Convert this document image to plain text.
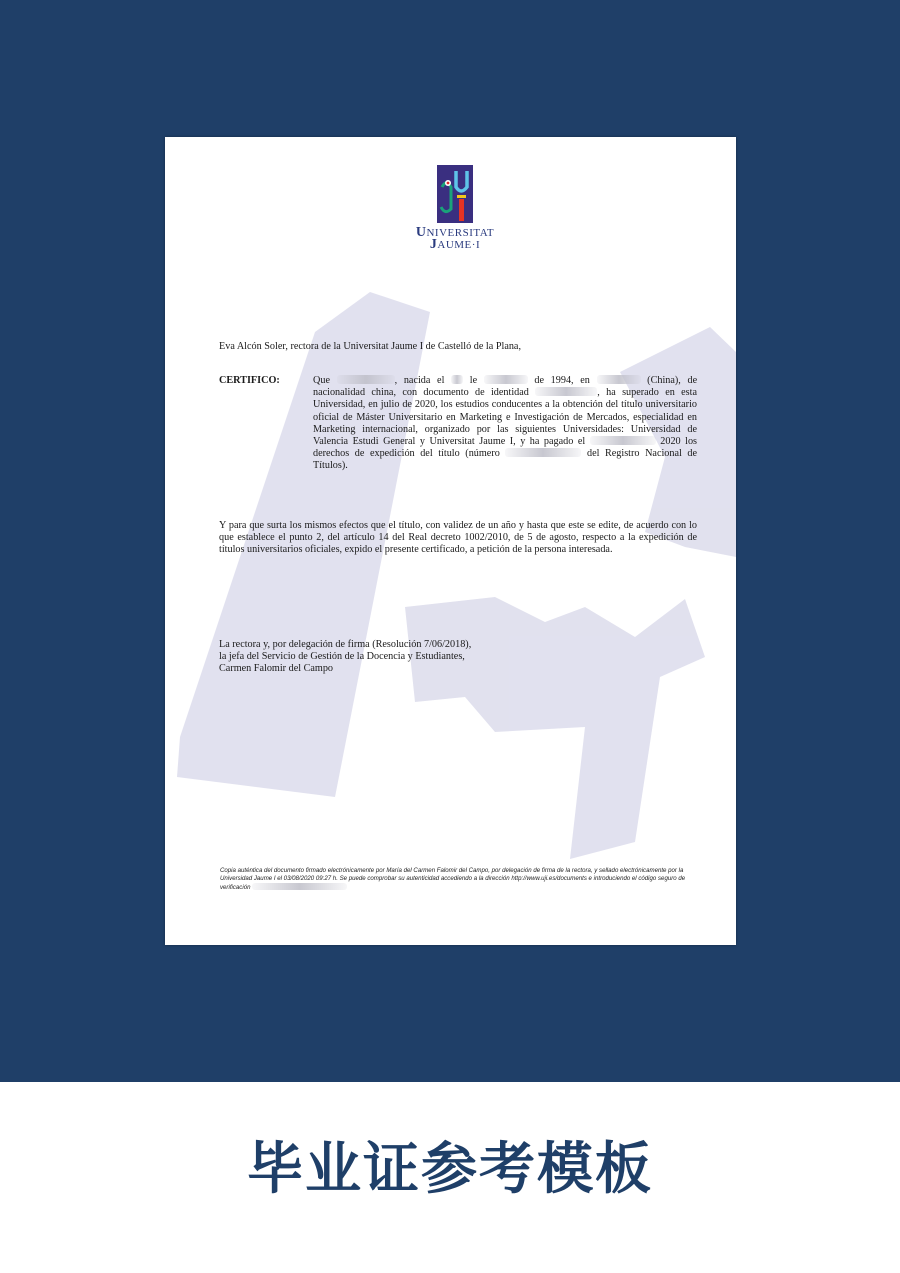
UNIVERSITAT
JAUME·I
Eva Alcón Soler, rectora de la Universitat Jaume I de Castelló de la Plana,
CERTIFICO:	Que	, nacida el le	de 1994, en	(China), de nacionalidad china, con documento de identidad	, ha superado en esta Universidad, en julio de 2020, los estudios conducentes a la obtención del título universitario oficial de Máster Universitario en Marketing e Investigación de Mercados, especialidad en Marketing internacional, organizado por las siguientes Universidades: Universidad de Valencia Estudi General y Universitat Jaume I, y ha pagado el	2020 los derechos de expedición del título (número	del Registro Nacional de Títulos).
Y para que surta los mismos efectos que el título, con validez de un año y hasta que este se edite, de acuerdo con lo que establece el punto 2, del artículo 14 del Real decreto 1002/2010, de 5 de agosto, respecto a la expedición de títulos universitarios oficiales, expido el presente certificado, a petición de la persona interesada.
La rectora y, por delegación de firma (Resolución 7/06/2018),
la jefa del Servicio de Gestión de la Docencia y Estudiantes,
Carmen Falomir del Campo
Copia auténtica del documento firmado electrónicamente por María del Carmen Falomir del Campo, por delegación de firma de la rectora, y sellado electrónicamente por la Universidad Jaume I el 03/08/2020 09:27 h. Se puede comprobar su autenticidad accediendo a la dirección http://www.uji.es/documents e introduciendo el código seguro de verificación
毕业证参考模板
